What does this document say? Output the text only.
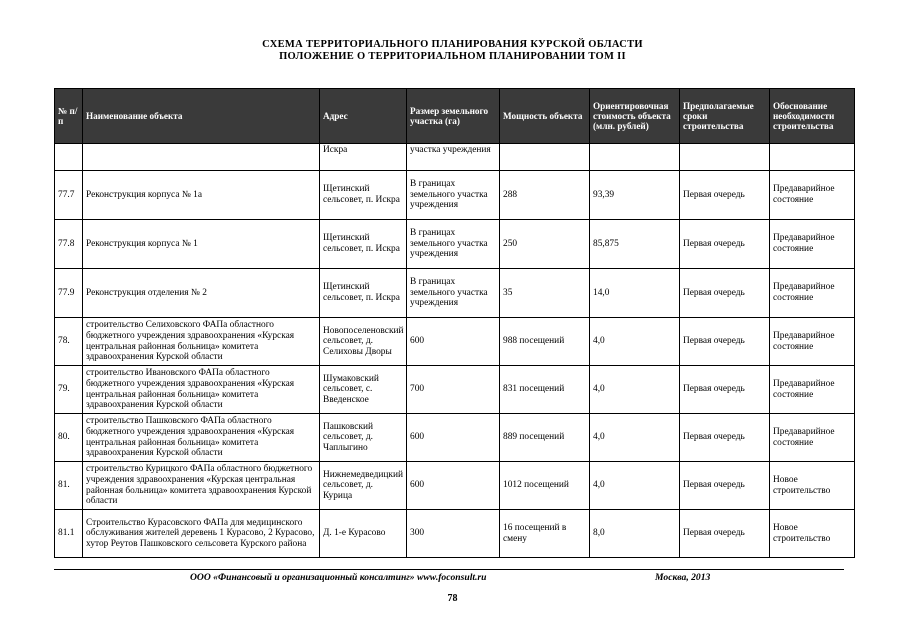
СХЕМА ТЕРРИТОРИАЛЬНОГО ПЛАНИРОВАНИЯ КУРСКОЙ ОБЛАСТИ
ПОЛОЖЕНИЕ О ТЕРРИТОРИАЛЬНОМ ПЛАНИРОВАНИИ ТОМ II
№ п/п	Наименование объекта	Адрес	Размер земельного участка (га)	Мощность объекта	Ориентировочная стоимость объекта (млн. рублей)	Предполагаемые сроки строительства	Обоснование необходимости строительства
		Искра	участка учреждения				
77.7	Реконструкция корпуса № 1а	Щетинский сельсовет, п. Искра	В границах земельного участка учреждения	288	93,39	Первая очередь	Предаварийное состояние
77.8	Реконструкция корпуса № 1	Щетинский сельсовет, п. Искра	В границах земельного участка учреждения	250	85,875	Первая очередь	Предаварийное состояние
77.9	Реконструкция отделения № 2	Щетинский сельсовет, п. Искра	В границах земельного участка учреждения	35	14,0	Первая очередь	Предаварийное состояние
78.	строительство Селиховского ФАПа областного бюджетного учреждения здравоохранения «Курская центральная районная больница» комитета здравоохранения Курской области	Новопоселеновский сельсовет, д. Селиховы Дворы	600	988 посещений	4,0	Первая очередь	Предаварийное состояние
79.	строительство Ивановского ФАПа областного бюджетного учреждения здравоохранения «Курская центральная районная больница» комитета здравоохранения Курской области	Шумаковский сельсовет, с. Введенское	700	831 посещений	4,0	Первая очередь	Предаварийное состояние
80.	строительство Пашковского ФАПа областного бюджетного учреждения здравоохранения «Курская центральная районная больница» комитета здравоохранения Курской области	Пашковский сельсовет, д. Чаплыгино	600	889 посещений	4,0	Первая очередь	Предаварийное состояние
81.	строительство Курицкого ФАПа областного бюджетного учреждения здравоохранения «Курская центральная районная больница» комитета здравоохранения Курской области	Нижнемедведицкий сельсовет, д. Курица	600	1012 посещений	4,0	Первая очередь	Новое строительство
81.1	Строительство Курасовского ФАПа для медицинского обслуживания жителей деревень 1 Курасово, 2 Курасово, хутор Реутов Пашковского сельсовета Курского района	Д. 1-е Курасово	300	16 посещений в смену	8,0	Первая очередь	Новое строительство
ООО «Финансовый и организационный консалтинг» www.foconsult.ru	Москва, 2013
78
